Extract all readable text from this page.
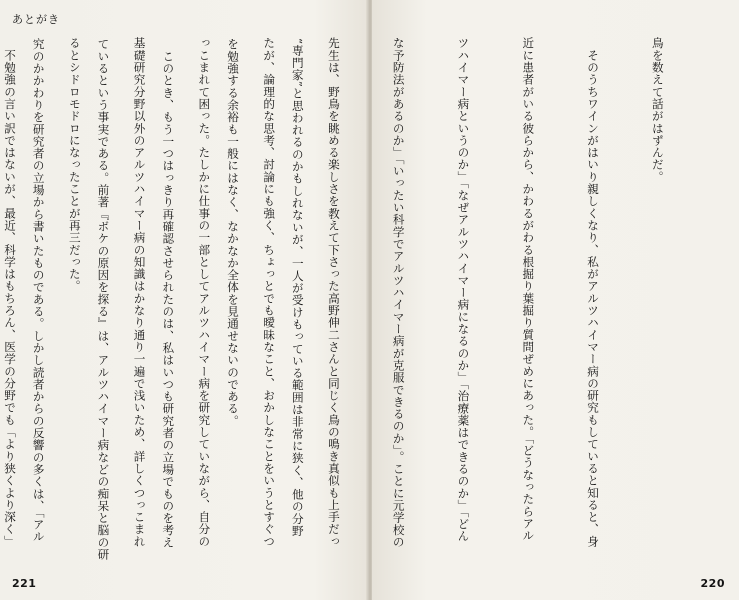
あとがき

“専門家”と思われるのかもしれないが、一人が受けもっている範囲は非常に狭く、他の分野

を勉強する余裕も一般にはなく、なかなか全体を見通せないのである。

　このとき、もう一つはっきり再確認させられたのは、私はいつも研究者の立場でものを考え

ているという事実である。前著『ボケの原因を探る』は、アルツハイマー病などの痴呆と脳の研

究のかかわりを研究者の立場から書いたものである。しかし読者からの反響の多くは、「アル

221

鳥を数えて話がはずんだ。

　そのうちワインがはいり親しくなり、私がアルツハイマー病の研究もしていると知ると、身

近に患者がいる彼らから、かわるがわる根掘り葉掘り質問ぜめにあった。「どうなったらアル

ツハイマー病というのか」「なぜアルツハイマー病になるのか」「治療薬はできるのか」「どん

な予防法があるのか」「いったい科学でアルツハイマー病が克服できるのか」。ことに元学校の

先生は、野鳥を眺める楽しさを教えて下さった高野伸二さんと同じく鳥の鳴き真似も上手だっ

たが、論理的な思考、討論にも強く、ちょっとでも曖昧なこと、おかしなことをいうとすぐつ

っこまれて困った。たしかに仕事の一部としてアルツハイマー病を研究していながら、自分の

基礎研究分野以外のアルツハイマー病の知識はかなり通り一遍で浅いため、詳しくつっこまれ

るとシドロモドロになったことが再三だった。

　不勉強の言い訳ではないが、最近、科学はもちろん、医学の分野でも「より狭くより深く」

220
